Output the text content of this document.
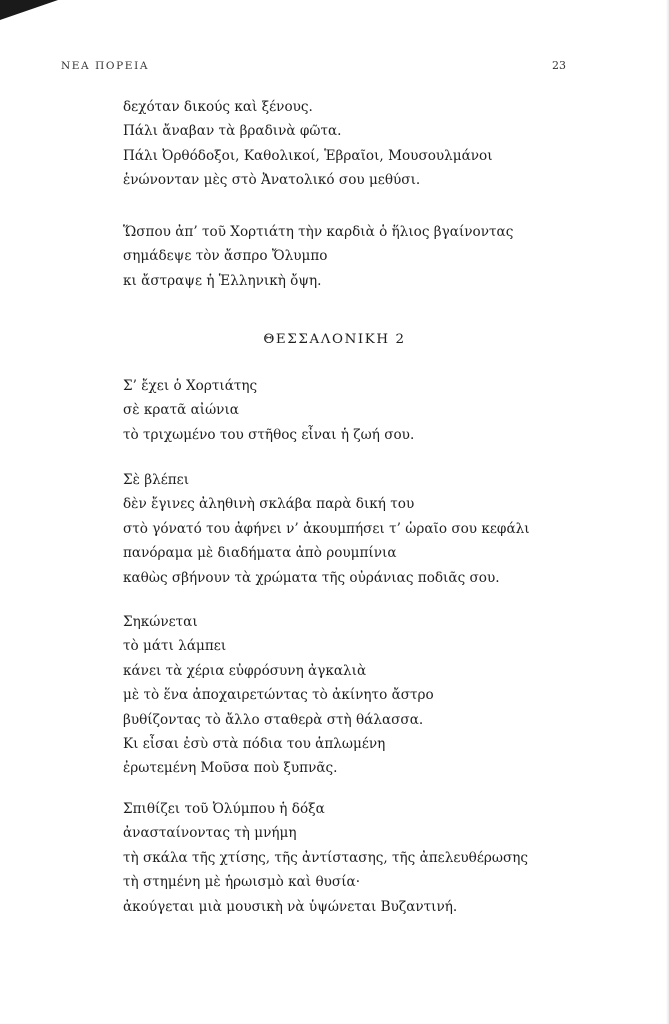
ΝΕΑ ΠΟΡΕΙΑ	23
δεχόταν δικούς καὶ ξένους.
Πάλι ἄναβαν τὰ βραδινὰ φῶτα.
Πάλι Ὀρθόδοξοι, Καθολικοί, Ἑβραῖοι, Μουσουλμάνοι
ἑνώνονταν μὲς στὸ Ἀνατολικό σου μεθύσι.
Ὥσπου ἀπ’ τοῦ Χορτιάτη τὴν καρδιὰ ὁ ἥλιος βγαίνοντας
σημάδεψε τὸν ἄσπρο Ὄλυμπο
κι ἄστραψε ἡ Ἑλληνικὴ ὄψη.
ΘΕΣΣΑΛΟΝΙΚΗ 2
Σ’ ἔχει ὁ Χορτιάτης
σὲ κρατᾶ αἰώνια
τὸ τριχωμένο του στῆθος εἶναι ἡ ζωή σου.
Σὲ βλέπει
δὲν ἔγινες ἀληθινὴ σκλάβα παρὰ δική του
στὸ γόνατό του ἀφήνει ν’ ἀκουμπήσει τ’ ὡραῖο σου κεφάλι
πανόραμα μὲ διαδήματα ἀπὸ ρουμπίνια
καθὼς σβήνουν τὰ χρώματα τῆς οὐράνιας ποδιᾶς σου.
Σηκώνεται
τὸ μάτι λάμπει
κάνει τὰ χέρια εὐφρόσυνη ἀγκαλιὰ
μὲ τὸ ἕνα ἀποχαιρετώντας τὸ ἀκίνητο ἄστρο
βυθίζοντας τὸ ἄλλο σταθερὰ στὴ θάλασσα.
Κι εἶσαι ἐσὺ στὰ πόδια του ἁπλωμένη
ἐρωτεμένη Μοῦσα ποὺ ξυπνᾶς.
Σπιθίζει τοῦ Ὀλύμπου ἡ δόξα
ἀνασταίνοντας τὴ μνήμη
τὴ σκάλα τῆς χτίσης, τῆς ἀντίστασης, τῆς ἀπελευθέρωσης
τὴ στημένη μὲ ἡρωισμὸ καὶ θυσία·
ἀκούγεται μιὰ μουσικὴ νὰ ὑψώνεται Βυζαντινή.
